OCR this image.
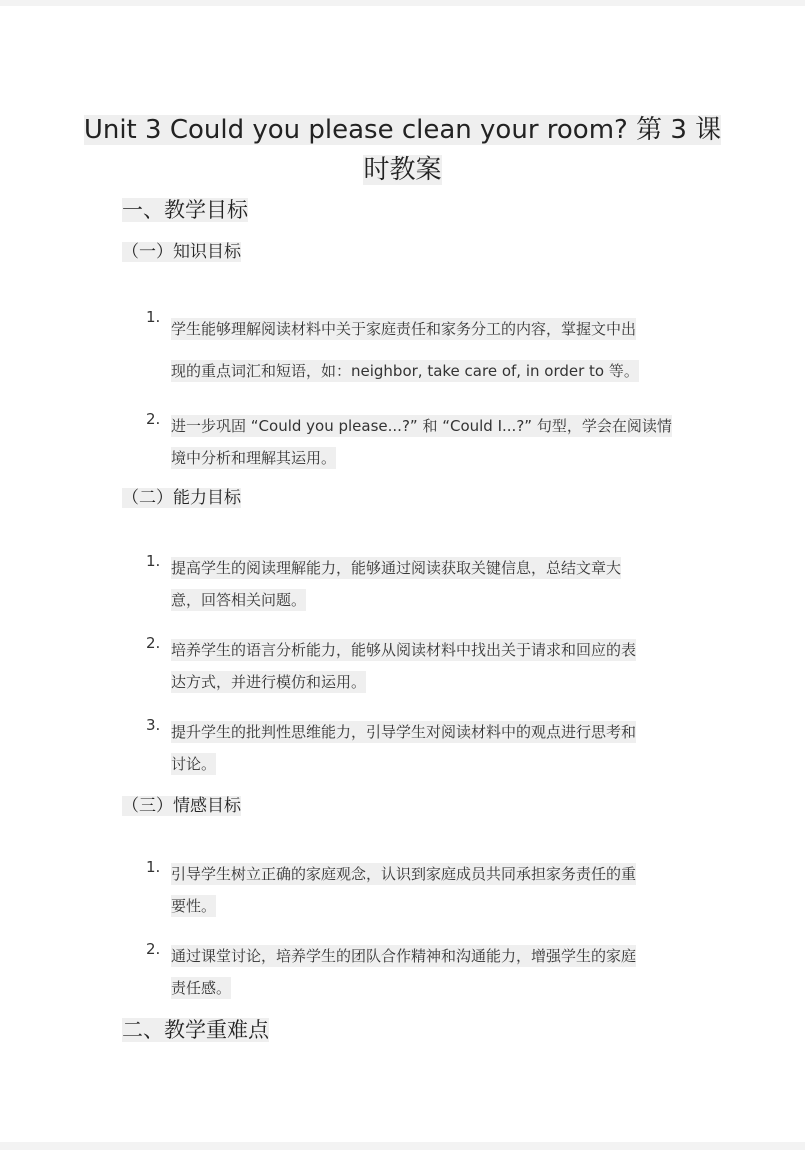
Unit 3 Could you please clean your room? 第 3 课
时教案
一、教学目标
（一）知识目标
1.
学生能够理解阅读材料中关于家庭责任和家务分工的内容，掌握文中出
现的重点词汇和短语，如：neighbor, take care of, in order to 等。
2. 进一步巩固 “Could you please...?” 和 “Could I...?” 句型，学会在阅读情
境中分析和理解其运用。
（二）能力目标
1. 提高学生的阅读理解能力，能够通过阅读获取关键信息，总结文章大
意，回答相关问题。
2. 培养学生的语言分析能力，能够从阅读材料中找出关于请求和回应的表
达方式，并进行模仿和运用。
3. 提升学生的批判性思维能力，引导学生对阅读材料中的观点进行思考和
讨论。
（三）情感目标
1. 引导学生树立正确的家庭观念，认识到家庭成员共同承担家务责任的重
要性。
2. 通过课堂讨论，培养学生的团队合作精神和沟通能力，增强学生的家庭
责任感。
二、教学重难点
